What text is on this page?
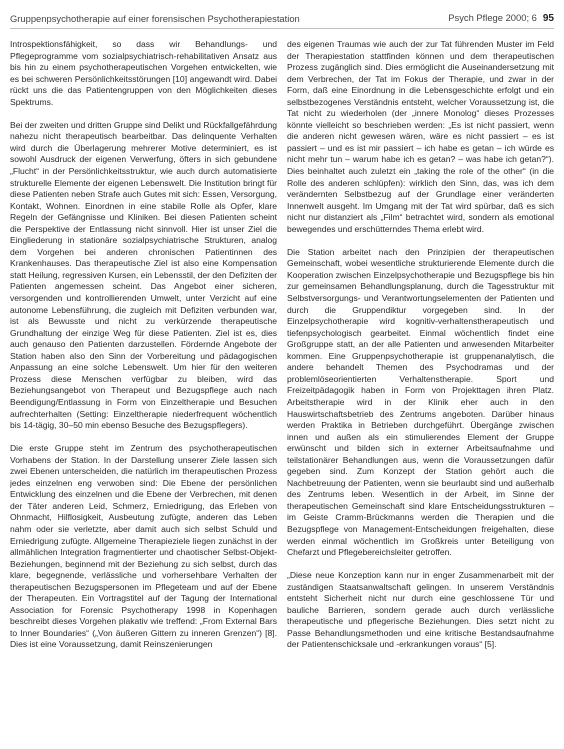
Gruppenpsychotherapie auf einer forensischen Psychotherapiestation	Psych Pflege 2000; 6 95

Introspektionsfähigkeit, so dass wir Behandlungs- und Pflegeprogramme vom sozialpsychiatrisch-rehabilitativen Ansatz aus bis hin zu einem psychotherapeutischen Vorgehen entwickelten, wie es bei schweren Persönlichkeitsstörungen [10] angewandt wird. Dabei rückt uns die das Patientengruppen von den Möglichkeiten dieses Spektrums.

Bei der zweiten und dritten Gruppe sind Delikt und Rückfallgefährdung nahezu nicht therapeutisch bearbeitbar. Das delinquente Verhalten wird durch die Überlagerung mehrerer Motive determiniert, es ist sowohl Ausdruck der eigenen Verwerfung, öfters in sich gebundene „Flucht“ in der Persönlichkeitsstruktur, wie auch durch automatisierte strukturelle Elemente der eigenen Lebenswelt. Die Institution bringt für diese Patienten neben Strafe auch Gutes mit sich: Essen, Versorgung, Kontakt, Wohnen. Einordnen in eine stabile Rolle als Opfer, klare Regeln der Gefängnisse und Kliniken. Bei diesen Patienten scheint die Perspektive der Entlassung nicht sinnvoll. Hier ist unser Ziel die Eingliederung in stationäre sozialpsychiatrische Strukturen, analog dem Vorgehen bei anderen chronischen Patientinnen des Krankenhauses. Das therapeutische Ziel ist also eine Kompensation statt Heilung, regressiven Kursen, ein Lebensstil, der den Defiziten der Patienten angemessen scheint. Das Angebot einer sicheren, versorgenden und kontrollierenden Umwelt, unter Verzicht auf eine autonome Lebensführung, die zugleich mit Defiziten verbunden war, ist als Bewusste und nicht zu verkürzende therapeutische Grundhaltung der einzige Weg für diese Patienten. Ziel ist es, dies auch genauso den Patienten darzustellen. Fördernde Angebote der Station haben also den Sinn der Vorbereitung und pädagogischen Anpassung an eine solche Lebenswelt. Um hier für den weiteren Prozess diese Menschen verfügbar zu bleiben, wird das Beziehungsangebot von Therapeut und Bezugspflege auch nach Beendigung/Entlassung in Form von Einzeltherapie und Besuchen aufrechterhalten (Setting: Einzeltherapie niederfrequent wöchentlich bis 14-tägig, 30–50 min ebenso Besuche des Bezugspflegers).

Die erste Gruppe steht im Zentrum des psychotherapeutischen Vorhabens der Station. In der Darstellung unserer Ziele lassen sich zwei Ebenen unterscheiden, die natürlich im therapeutischen Prozess jedes einzelnen eng verwoben sind: Die Ebene der persönlichen Entwicklung des einzelnen und die Ebene der Verbrechen, mit denen der Täter anderen Leid, Schmerz, Erniedrigung, das Erleben von Ohnmacht, Hilflosigkeit, Ausbeutung zufügte, anderen das Leben nahm oder sie verletzte, aber damit auch sich selbst Schuld und Erniedrigung zufügte. Allgemeine Therapieziele liegen zunächst in der allmählichen Integration fragmentierter und chaotischer Selbst-Objekt-Beziehungen, beginnend mit der Beziehung zu sich selbst, durch das klare, begegnende, verlässliche und vorhersehbare Verhalten der therapeutischen Bezugspersonen im Pflegeteam und auf der Ebene der Therapeuten. Ein Vortragstitel auf der Tagung der International Association for Forensic Psychotherapy 1998 in Kopenhagen beschreibt dieses Vorgehen plakativ wie treffend: „From External Bars to Inner Boundaries“ („Von äußeren Gittern zu inneren Grenzen“) [8]. Dies ist eine Voraussetzung, damit Reinszenierungen

des eigenen Traumas wie auch der zur Tat führenden Muster im Feld der Therapiestation stattfinden können und dem therapeutischen Prozess zugänglich sind. Dies ermöglicht die Auseinandersetzung mit dem Verbrechen, der Tat im Fokus der Therapie, und zwar in der Form, daß eine Einordnung in die Lebensgeschichte erfolgt und ein selbstbezogenes Verständnis entsteht, welcher Voraussetzung ist, die Tat nicht zu wiederholen (der „innere Monolog“ dieses Prozesses könnte vielleicht so beschrieben werden: „Es ist nicht passiert, wenn die anderen nicht gewesen wären, wäre es nicht passiert – es ist passiert – und es ist mir passiert – ich habe es getan – ich würde es nicht mehr tun – warum habe ich es getan? – was habe ich getan?“). Dies beinhaltet auch zuletzt ein „taking the role of the other“ (in die Rolle des anderen schlüpfen): wirklich den Sinn, das, was ich dem verändernten Selbstbezug auf der Grundlage einer veränderten Innenwelt ausgeht. Im Umgang mit der Tat wird spürbar, daß es sich nicht nur distanziert als „Film“ betrachtet wird, sondern als emotional bewegendes und erschütterndes Thema erlebt wird.

Die Station arbeitet nach den Prinzipien der therapeutischen Gemeinschaft, wobei wesentliche strukturierende Elemente durch die Kooperation zwischen Einzelpsychotherapie und Bezugspflege bis hin zur gemeinsamen Behandlungsplanung, durch die Tagesstruktur mit Selbstversorgungs- und Verantwortungselementen der Patienten und durch die Gruppendiktur vorgegeben sind. In der Einzelpsychotherapie wird kognitiv-verhaltenstherapeutisch und tiefenpsychologisch gearbeitet. Einmal wöchentlich findet eine Großgruppe statt, an der alle Patienten und anwesenden Mitarbeiter kommen. Eine Gruppenpsychotherapie ist gruppenanalytisch, die andere behandelt Themen des Psychodramas und der problemlöseorientierten Verhaltenstherapie. Sport und Freizeitpädagogik haben in Form von Projekttagen ihren Platz. Arbeitstherapie wird in der Klinik eher auch in den Hauswirtschaftsbetrieb des Zentrums angeboten. Darüber hinaus werden Praktika in Betrieben durchgeführt. Übergänge zwischen innen und außen als ein stimulierendes Element der Gruppe erwünscht und bilden sich in externer Arbeitsaufnahme und teilstationärer Behandlungen aus, wenn die Voraussetzungen dafür gegeben sind. Zum Konzept der Station gehört auch die Nachbetreuung der Patienten, wenn sie beurlaubt sind und außerhalb des Zentrums leben. Wesentlich in der Arbeit, im Sinne der therapeutischen Gemeinschaft sind klare Entscheidungsstrukturen – im Geiste Cramm-Brückmanns werden die Therapien und die Bezugspflege von Management-Entscheidungen freigehalten, diese werden einmal wöchentlich im Großkreis unter Beteiligung von Chefarzt und Pflegebereichsleiter getroffen.

„Diese neue Konzeption kann nur in enger Zusammenarbeit mit der zuständigen Staatsanwaltschaft gelingen. In unserem Verständnis entsteht Sicherheit nicht nur durch eine geschlossene Tür und bauliche Barrieren, sondern gerade auch durch verlässliche therapeutische und pflegerische Beziehungen. Dies setzt nicht zu Passe Behandlungsmethoden und eine kritische Bestandsaufnahme der Patientenschicksale und -erkrankungen voraus“ [5].
